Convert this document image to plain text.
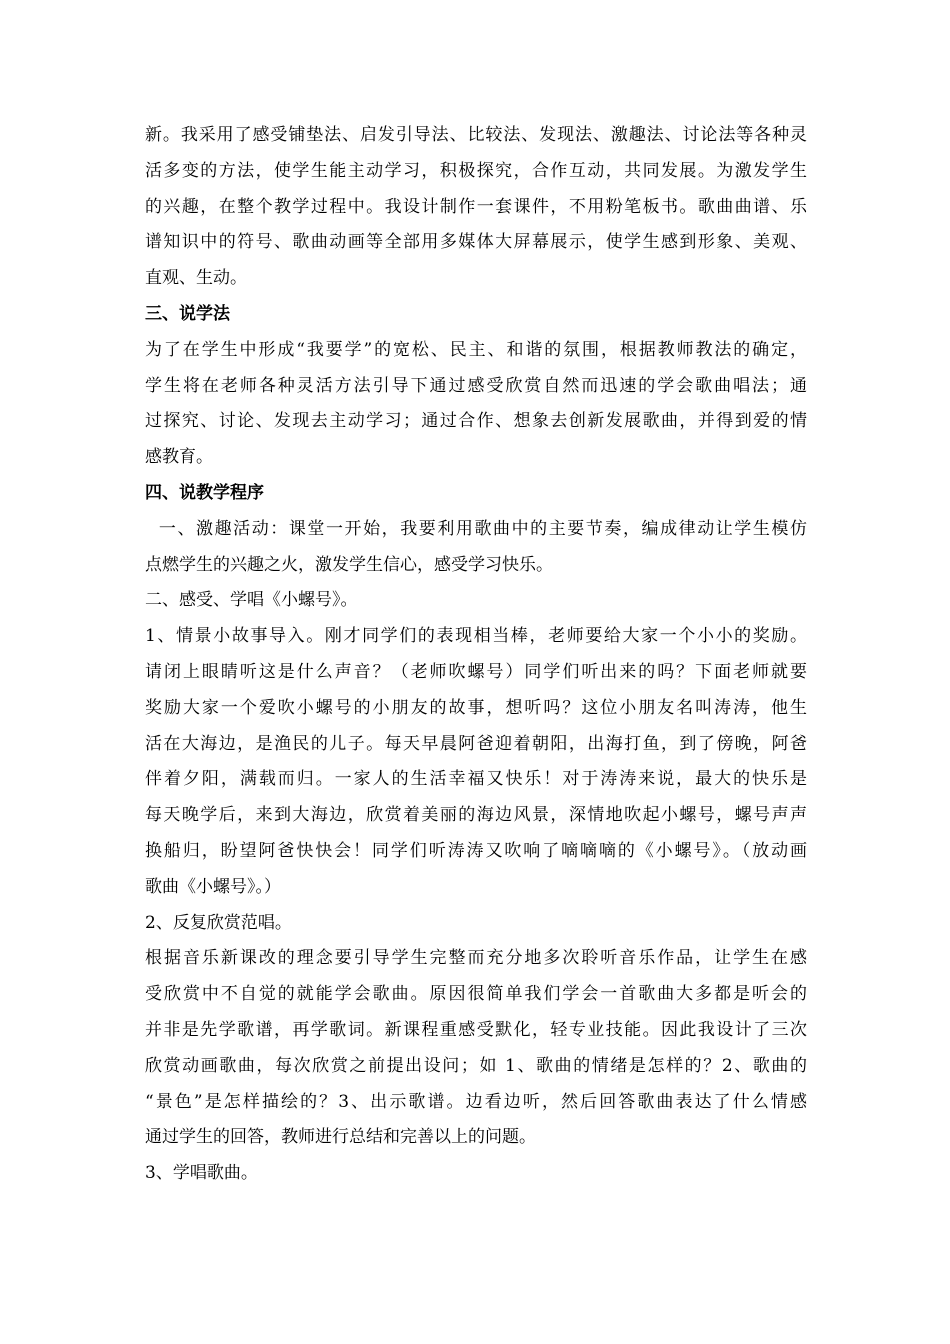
新。我采用了感受铺垫法、启发引导法、比较法、发现法、激趣法、讨论法等各种灵
活多变的方法，使学生能主动学习，积极探究，合作互动，共同发展。为激发学生
的兴趣，在整个教学过程中。我设计制作一套课件，不用粉笔板书。歌曲曲谱、乐
谱知识中的符号、歌曲动画等全部用多媒体大屏幕展示，使学生感到形象、美观、
直观、生动。
三、说学法
为了在学生中形成“我要学”的宽松、民主、和谐的氛围，根据教师教法的确定，
学生将在老师各种灵活方法引导下通过感受欣赏自然而迅速的学会歌曲唱法；通
过探究、讨论、发现去主动学习；通过合作、想象去创新发展歌曲，并得到爱的情
感教育。
四、说教学程序
一、激趣活动：课堂一开始，我要利用歌曲中的主要节奏，编成律动让学生模仿
点燃学生的兴趣之火，激发学生信心，感受学习快乐。
二、感受、学唱《小螺号》。
1、情景小故事导入。刚才同学们的表现相当棒，老师要给大家一个小小的奖励。
请闭上眼睛听这是什么声音？（老师吹螺号）同学们听出来的吗？下面老师就要
奖励大家一个爱吹小螺号的小朋友的故事，想听吗？这位小朋友名叫涛涛，他生
活在大海边，是渔民的儿子。每天早晨阿爸迎着朝阳，出海打鱼，到了傍晚，阿爸
伴着夕阳，满载而归。一家人的生活幸福又快乐！对于涛涛来说，最大的快乐是
每天晚学后，来到大海边，欣赏着美丽的海边风景，深情地吹起小螺号，螺号声声
换船归，盼望阿爸快快会！同学们听涛涛又吹响了嘀嘀嘀的《小螺号》。（放动画
歌曲《小螺号》。）
2、反复欣赏范唱。
根据音乐新课改的理念要引导学生完整而充分地多次聆听音乐作品，让学生在感
受欣赏中不自觉的就能学会歌曲。原因很简单我们学会一首歌曲大多都是听会的
并非是先学歌谱，再学歌词。新课程重感受默化，轻专业技能。因此我设计了三次
欣赏动画歌曲，每次欣赏之前提出设问；如 1、歌曲的情绪是怎样的？2、歌曲的
“景色”是怎样描绘的？3、出示歌谱。边看边听，然后回答歌曲表达了什么情感
通过学生的回答，教师进行总结和完善以上的问题。
3、学唱歌曲。
